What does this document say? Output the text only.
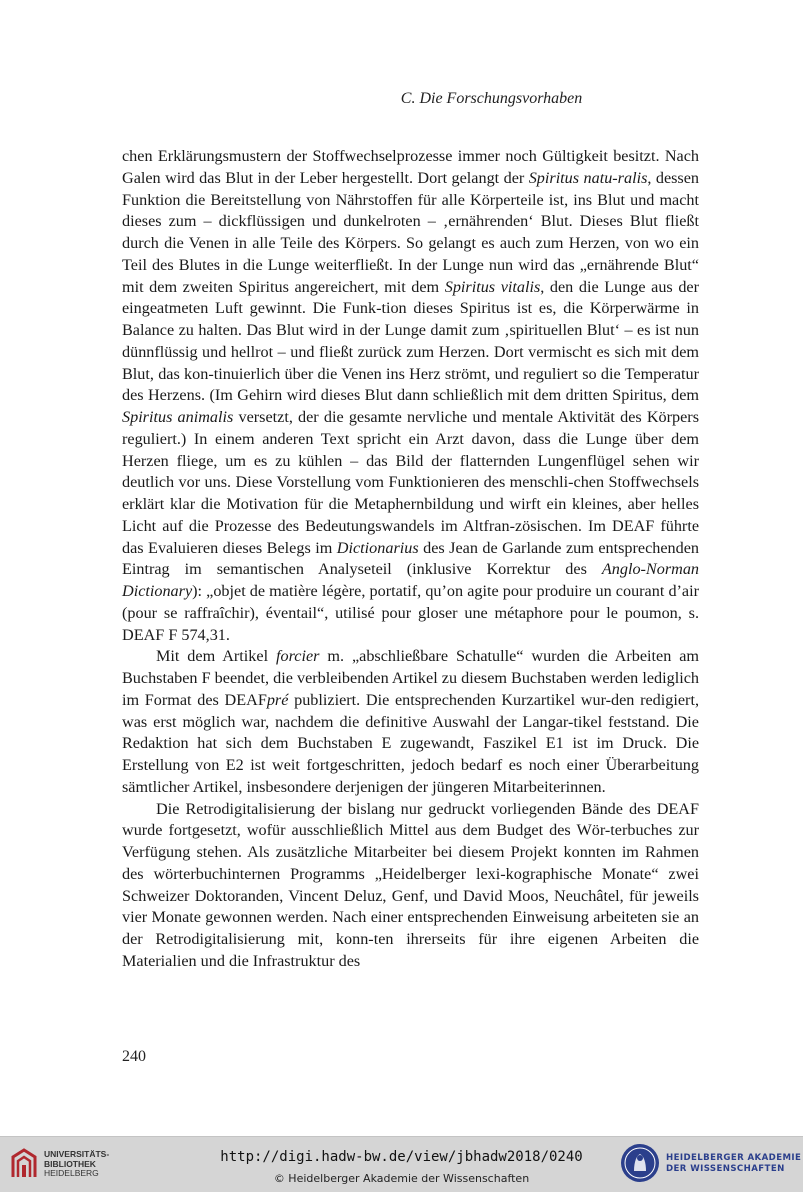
C. Die Forschungsvorhaben

chen Erklärungsmustern der Stoffwechselprozesse immer noch Gültigkeit besitzt. Nach Galen wird das Blut in der Leber hergestellt. Dort gelangt der Spiritus natu-ralis, dessen Funktion die Bereitstellung von Nährstoffen für alle Körperteile ist, ins Blut und macht dieses zum – dickflüssigen und dunkelroten – ‚ernährenden‘ Blut. Dieses Blut fließt durch die Venen in alle Teile des Körpers. So gelangt es auch zum Herzen, von wo ein Teil des Blutes in die Lunge weiterfließt. In der Lunge nun wird das „ernährende Blut“ mit dem zweiten Spiritus angereichert, mit dem Spiritus vitalis, den die Lunge aus der eingeatmeten Luft gewinnt. Die Funk-tion dieses Spiritus ist es, die Körperwärme in Balance zu halten. Das Blut wird in der Lunge damit zum ‚spirituellen Blut‘ – es ist nun dünnflüssig und hellrot – und fließt zurück zum Herzen. Dort vermischt es sich mit dem Blut, das kon-tinuierlich über die Venen ins Herz strömt, und reguliert so die Temperatur des Herzens. (Im Gehirn wird dieses Blut dann schließlich mit dem dritten Spiritus, dem Spiritus animalis versetzt, der die gesamte nervliche und mentale Aktivität des Körpers reguliert.) In einem anderen Text spricht ein Arzt davon, dass die Lunge über dem Herzen fliege, um es zu kühlen – das Bild der flatternden Lungenflügel sehen wir deutlich vor uns. Diese Vorstellung vom Funktionieren des menschli-chen Stoffwechsels erklärt klar die Motivation für die Metaphernbildung und wirft ein kleines, aber helles Licht auf die Prozesse des Bedeutungswandels im Altfran-zösischen. Im DEAF führte das Evaluieren dieses Belegs im Dictionarius des Jean de Garlande zum entsprechenden Eintrag im semantischen Analyseteil (inklusive Korrektur des Anglo-Norman Dictionary): „objet de matière légère, portatif, qu’on agite pour produire un courant d’air (pour se raffraîchir), éventail“, utilisé pour gloser une métaphore pour le poumon, s. DEAF F 574,31.

Mit dem Artikel forcier m. „abschließbare Schatulle“ wurden die Arbeiten am Buchstaben F beendet, die verbleibenden Artikel zu diesem Buchstaben werden lediglich im Format des DEAFpré publiziert. Die entsprechenden Kurzartikel wur-den redigiert, was erst möglich war, nachdem die definitive Auswahl der Langar-tikel feststand. Die Redaktion hat sich dem Buchstaben E zugewandt, Faszikel E1 ist im Druck. Die Erstellung von E2 ist weit fortgeschritten, jedoch bedarf es noch einer Überarbeitung sämtlicher Artikel, insbesondere derjenigen der jüngeren Mitarbeiterinnen.

Die Retrodigitalisierung der bislang nur gedruckt vorliegenden Bände des DEAF wurde fortgesetzt, wofür ausschließlich Mittel aus dem Budget des Wör-terbuches zur Verfügung stehen. Als zusätzliche Mitarbeiter bei diesem Projekt konnten im Rahmen des wörterbuchinternen Programms „Heidelberger lexi-kographische Monate“ zwei Schweizer Doktoranden, Vincent Deluz, Genf, und David Moos, Neuchâtel, für jeweils vier Monate gewonnen werden. Nach einer entsprechenden Einweisung arbeiteten sie an der Retrodigitalisierung mit, konn-ten ihrerseits für ihre eigenen Arbeiten die Materialien und die Infrastruktur des

240
UNIVERSITÄTS-
BIBLIOTHEK
HEIDELBERG
http://digi.hadw-bw.de/view/jbhadw2018/0240
© Heidelberger Akademie der Wissenschaften
HEIDELBERGER AKADEMIE
DER WISSENSCHAFTEN
